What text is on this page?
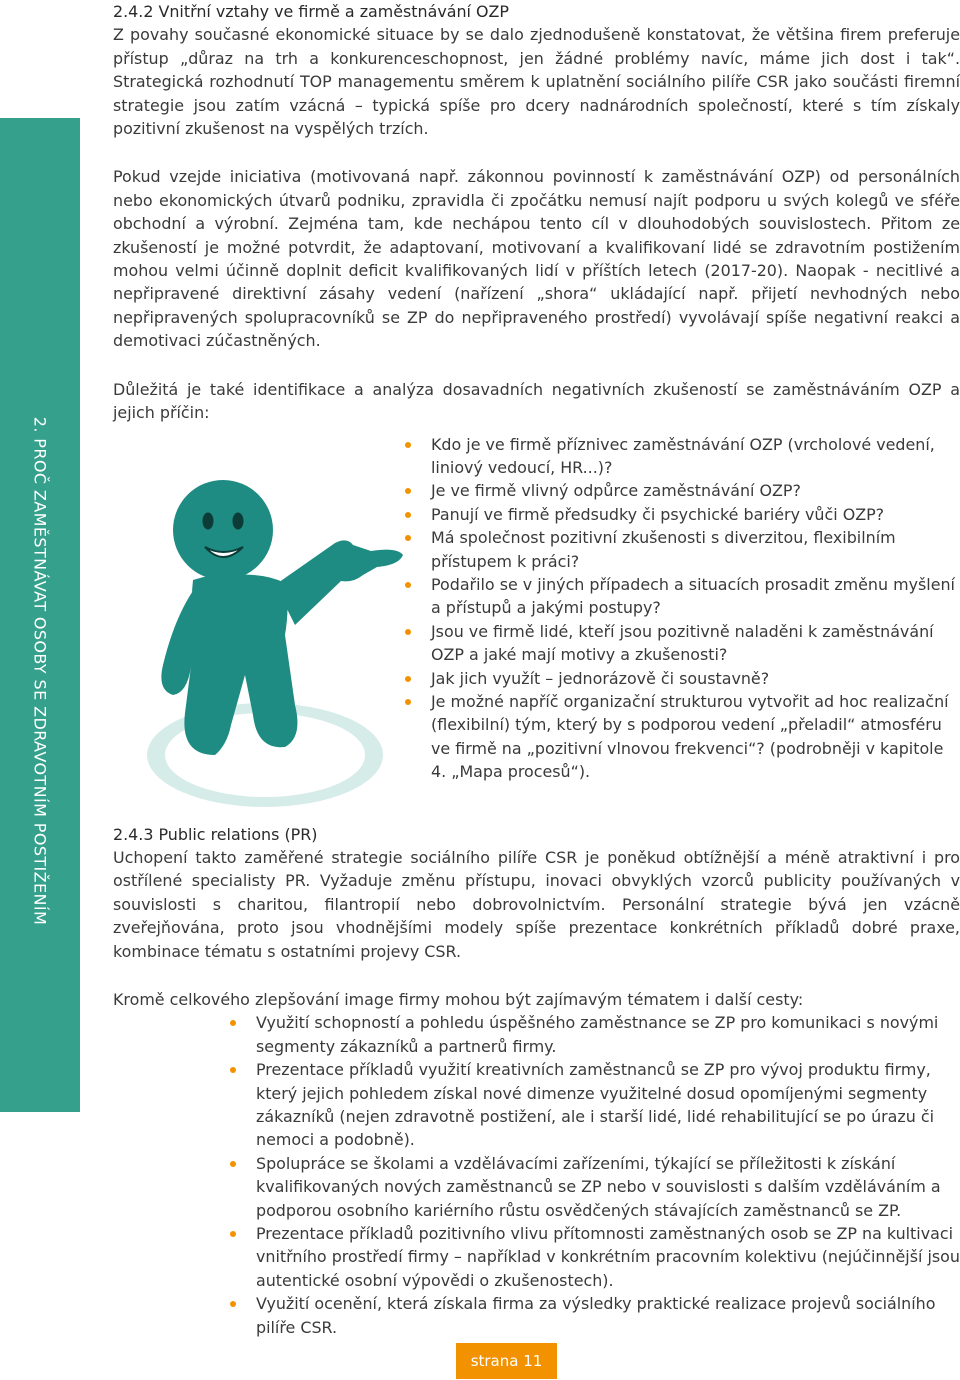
2. PROČ ZAMĚSTNÁVAT OSOBY SE ZDRAVOTNÍM POSTIŽENÍM
2.4.2 Vnitřní vztahy ve firmě a zaměstnávání OZP

Z povahy současné ekonomické situace by se dalo zjednodušeně konstatovat, že většina firem preferuje přístup „důraz na trh a konkurenceschopnost, jen žádné problémy navíc, máme jich dost i tak“. Strategická rozhodnutí TOP managementu směrem k uplatnění sociálního pilíře CSR jako součásti firemní strategie jsou zatím vzácná – typická spíše pro dcery nadnárodních společností, které s tím získaly pozitivní zkušenost na vyspělých trzích.

Pokud vzejde iniciativa (motivovaná např. zákonnou povinností k zaměstnávání OZP) od personálních nebo ekonomických útvarů podniku, zpravidla či zpočátku nemusí najít podporu u svých kolegů ve sféře obchodní a výrobní. Zejména tam, kde nechápou tento cíl v dlouhodobých souvislostech. Přitom ze zkušeností je možné potvrdit, že adaptovaní, motivovaní a kvalifikovaní lidé se zdravotním postižením mohou velmi účinně doplnit deficit kvalifikovaných lidí v příštích letech (2017-20). Naopak - necitlivé a nepřipravené direktivní zásahy vedení (nařízení „shora“ ukládající např. přijetí nevhodných nebo nepřipravených spolupracovníků se ZP do nepřipraveného prostředí) vyvolávají spíše negativní reakci a demotivaci zúčastněných.

Důležitá je také identifikace a analýza dosavadních negativních zkušeností se zaměstnáváním OZP a jejich příčin:

Kdo je ve firmě příznivec zaměstnávání OZP (vrcholové vedení, liniový vedoucí, HR...)?
Je ve firmě vlivný odpůrce zaměstnávání OZP?
Panují ve firmě předsudky či psychické bariéry vůči OZP?
Má společnost pozitivní zkušenosti s diverzitou, flexibilním přístupem k práci?
Podařilo se v jiných případech a situacích prosadit změnu myšlení a přístupů a jakými postupy?
Jsou ve firmě lidé, kteří jsou pozitivně naladěni k zaměstnávání OZP a jaké mají motivy a zkušenosti?
Jak jich využít – jednorázově či soustavně?
Je možné napříč organizační strukturou vytvořit ad hoc realizační (flexibilní) tým, který by s podporou vedení „přeladil“ atmosféru ve firmě na „pozitivní vlnovou frekvenci“? (podrobněji v kapitole 4. „Mapa procesů“).
2.4.3 Public relations (PR)

Uchopení takto zaměřené strategie sociálního pilíře CSR je poněkud obtížnější a méně atraktivní i pro ostřílené specialisty PR. Vyžaduje změnu přístupu, inovaci obvyklých vzorců publicity používaných v souvislosti s charitou, filantropií nebo dobrovolnictvím. Personální strategie bývá jen vzácně zveřejňována, proto jsou vhodnějšími modely spíše prezentace konkrétních příkladů dobré praxe, kombinace tématu s ostatními projevy CSR.

Kromě celkového zlepšování image firmy mohou být zajímavým tématem i další cesty:

Využití schopností a pohledu úspěšného zaměstnance se ZP pro komunikaci s novými segmenty zákazníků a partnerů firmy.
Prezentace příkladů využití kreativních zaměstnanců se ZP pro vývoj produktu firmy, který jejich pohledem získal nové dimenze využitelné dosud opomíjenými segmenty zákazníků (nejen zdravotně postižení, ale i starší lidé, lidé rehabilitující se po úrazu či nemoci a podobně).
Spolupráce se školami a vzdělávacími zařízeními, týkající se příležitosti k získání kvalifikovaných nových zaměstnanců se ZP nebo v souvislosti s dalším vzděláváním a podporou osobního kariérního růstu osvědčených stávajících zaměstnanců se ZP.
Prezentace příkladů pozitivního vlivu přítomnosti zaměstnaných osob se ZP na kultivaci vnitřního prostředí firmy – například v konkrétním pracovním kolektivu (nejúčinnější jsou autentické osobní výpovědi o zkušenostech).
Využití ocenění, která získala firma za výsledky praktické realizace projevů sociálního pilíře CSR.
strana 11
